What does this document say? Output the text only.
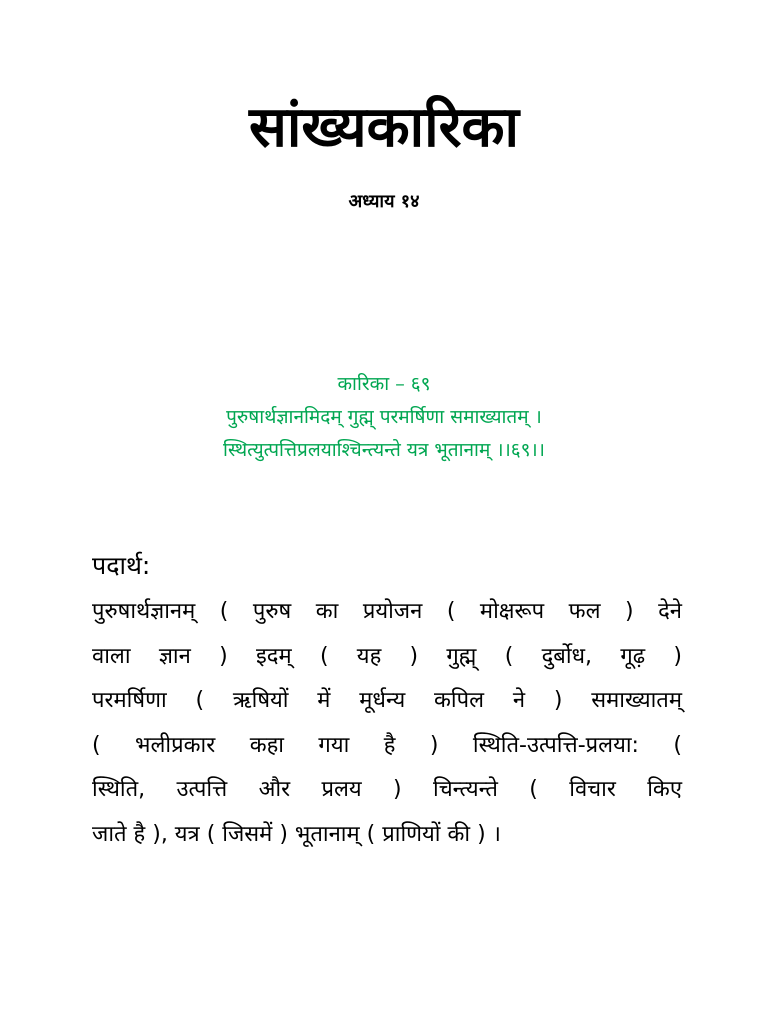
सांख्यकारिका
अध्याय १४
कारिका – ६९
पुरुषार्थज्ञानमिदम् गुह्म् परमर्षिणा समाख्यातम् ।
स्थित्युत्पत्तिप्रलयाश्चिन्त्यन्ते यत्र भूतानाम् ।।६९।।
पदार्थ:
पुरुषार्थज्ञानम् ( पुरुष का प्रयोजन ( मोक्षरूप फल ) देने
वाला ज्ञान ) इदम् ( यह ) गुह्म् ( दुर्बोध, गूढ़ )
परमर्षिणा ( ऋषियों में मूर्धन्य कपिल ने ) समाख्यातम्
( भलीप्रकार कहा गया है ) स्थिति-उत्पत्ति-प्रलया: (
स्थिति, उत्पत्ति और प्रलय ) चिन्त्यन्ते ( विचार किए
जाते है ), यत्र ( जिसमें ) भूतानाम् ( प्राणियों की ) ।
